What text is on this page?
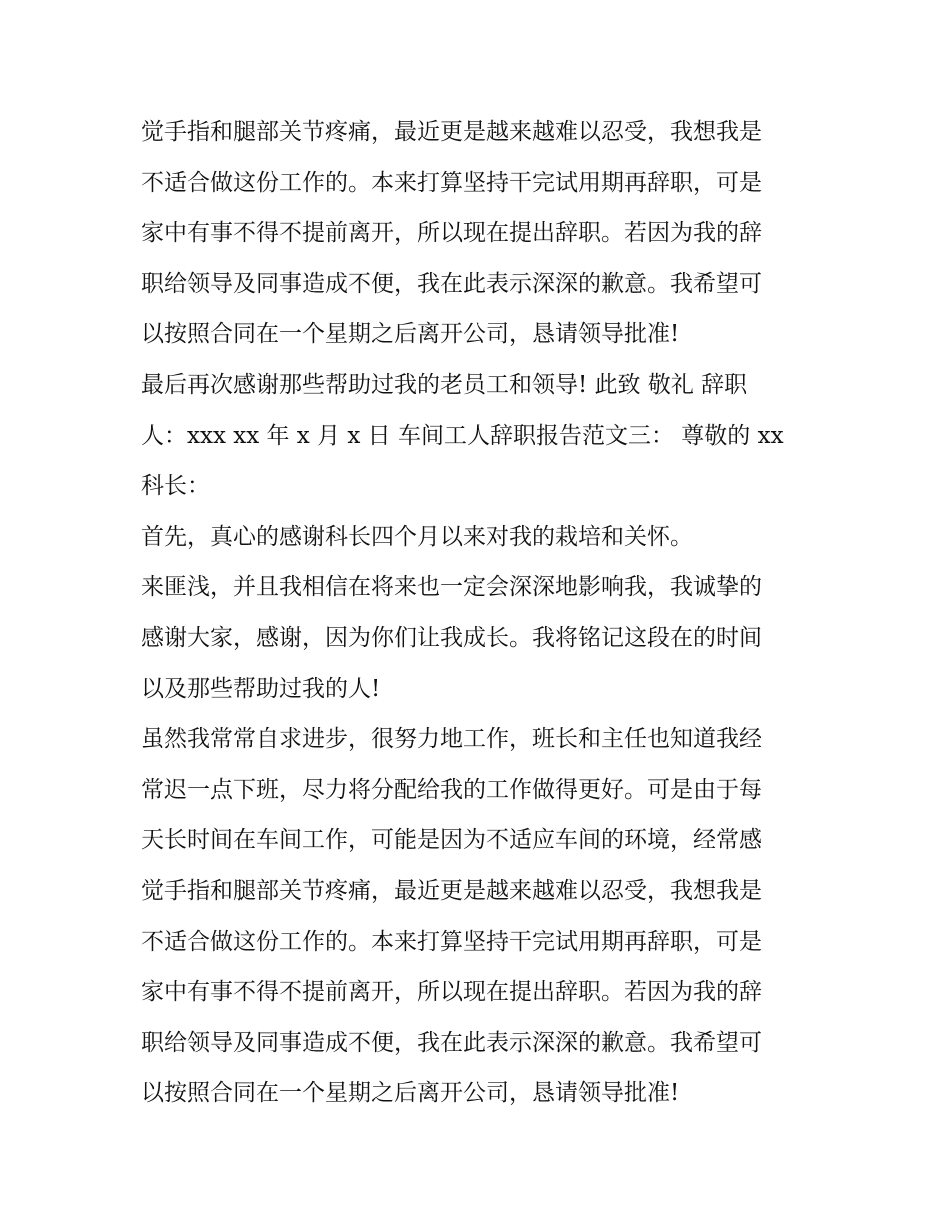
觉手指和腿部关节疼痛，最近更是越来越难以忍受，我想我是
不适合做这份工作的。本来打算坚持干完试用期再辞职，可是
家中有事不得不提前离开，所以现在提出辞职。若因为我的辞
职给领导及同事造成不便，我在此表示深深的歉意。我希望可
以按照合同在一个星期之后离开公司，恳请领导批准!
最后再次感谢那些帮助过我的老员工和领导! 此致 敬礼 辞职
人：xxx xx 年 x 月 x 日 车间工人辞职报告范文三： 尊敬的 xx
科长：
首先，真心的感谢科长四个月以来对我的栽培和关怀。
来匪浅，并且我相信在将来也一定会深深地影响我，我诚挚的
感谢大家，感谢，因为你们让我成长。我将铭记这段在的时间
以及那些帮助过我的人!
虽然我常常自求进步，很努力地工作，班长和主任也知道我经
常迟一点下班，尽力将分配给我的工作做得更好。可是由于每
天长时间在车间工作，可能是因为不适应车间的环境，经常感
觉手指和腿部关节疼痛，最近更是越来越难以忍受，我想我是
不适合做这份工作的。本来打算坚持干完试用期再辞职，可是
家中有事不得不提前离开，所以现在提出辞职。若因为我的辞
职给领导及同事造成不便，我在此表示深深的歉意。我希望可
以按照合同在一个星期之后离开公司，恳请领导批准!
